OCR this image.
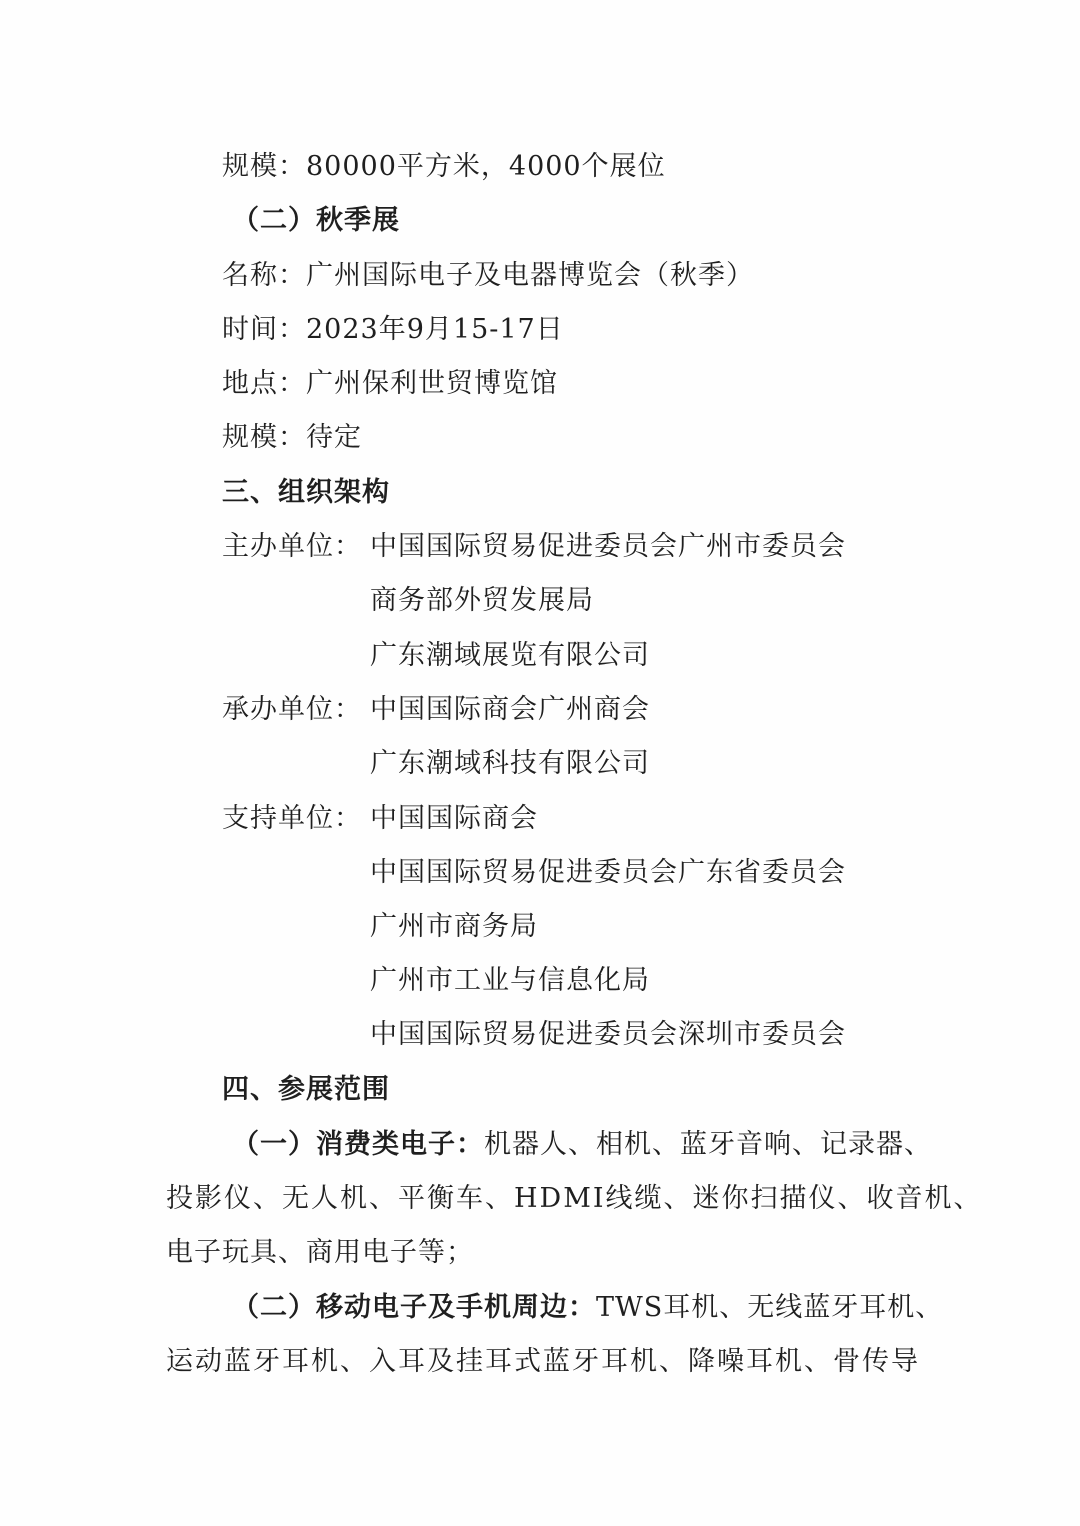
规模：80000平方米，4000个展位
（二）秋季展
名称：广州国际电子及电器博览会（秋季）
时间：2023年9月15-17日
地点：广州保利世贸博览馆
规模：待定
三、组织架构
主办单位： 中国国际贸易促进委员会广州市委员会
商务部外贸发展局
广东潮域展览有限公司
承办单位： 中国国际商会广州商会
广东潮域科技有限公司
支持单位： 中国国际商会
中国国际贸易促进委员会广东省委员会
广州市商务局
广州市工业与信息化局
中国国际贸易促进委员会深圳市委员会
四、参展范围
（一）消费类电子：机器人、相机、蓝牙音响、记录器、
投影仪、无人机、平衡车、HDMI线缆、迷你扫描仪、收音机、
电子玩具、商用电子等；
（二）移动电子及手机周边：TWS耳机、无线蓝牙耳机、
运动蓝牙耳机、入耳及挂耳式蓝牙耳机、降噪耳机、骨传导
